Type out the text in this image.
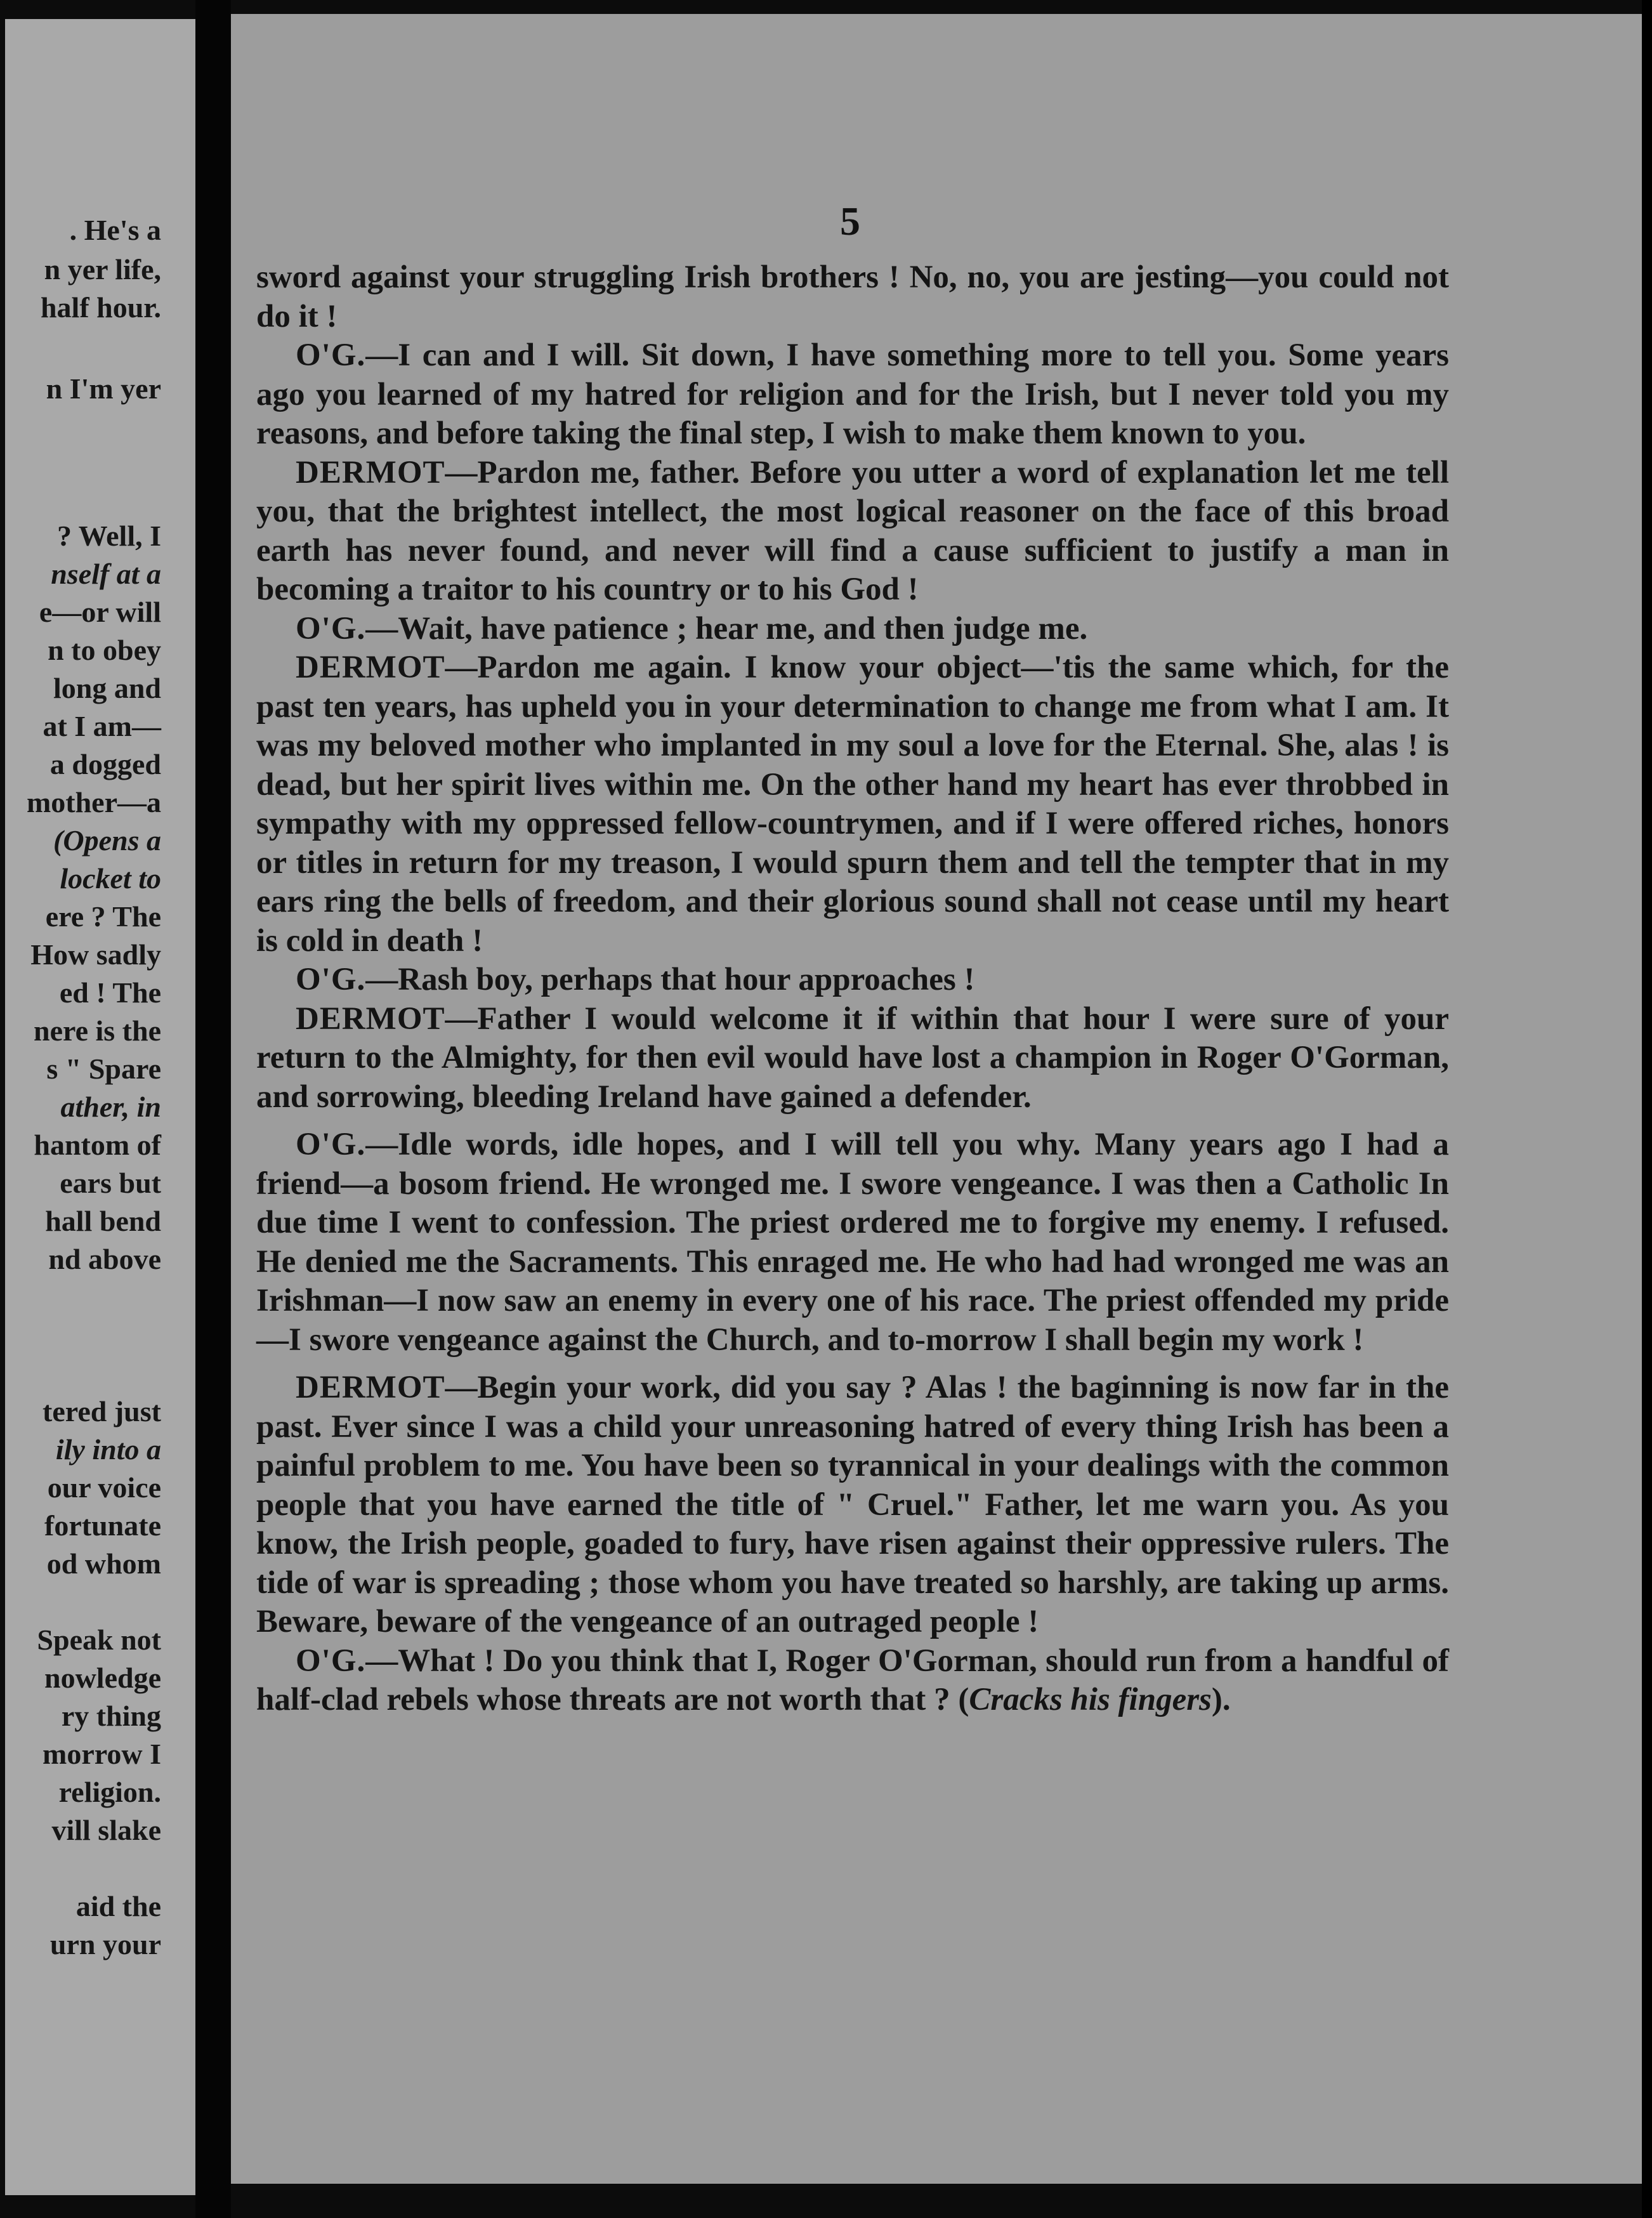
. He's a
n yer life,
half hour.
n I'm yer
? Well, I
nself at a
e—or will
n to obey
long and
at I am—
a dogged
mother—a
(Opens a
locket to
ere ? The
How sadly
ed ! The
nere is the
s " Spare
ather, in
hantom of
ears but
hall bend
nd above
tered just
ily into a
our voice
fortunate
od whom
Speak not
nowledge
ry thing
morrow I
religion.
vill slake
aid the
urn your
5

sword against your struggling Irish brothers ! No, no, you are jesting—you could not do it !

O'G.—I can and I will. Sit down, I have something more to tell you. Some years ago you learned of my hatred for religion and for the Irish, but I never told you my reasons, and before taking the final step, I wish to make them known to you.

DERMOT—Pardon me, father. Before you utter a word of explanation let me tell you, that the brightest intellect, the most logical reasoner on the face of this broad earth has never found, and never will find a cause sufficient to justify a man in becoming a traitor to his country or to his God !

O'G.—Wait, have patience ; hear me, and then judge me.

DERMOT—Pardon me again. I know your object—'tis the same which, for the past ten years, has upheld you in your determination to change me from what I am. It was my beloved mother who implanted in my soul a love for the Eternal. She, alas ! is dead, but her spirit lives within me. On the other hand my heart has ever throbbed in sympathy with my oppressed fellow-countrymen, and if I were offered riches, honors or titles in return for my treason, I would spurn them and tell the tempter that in my ears ring the bells of freedom, and their glorious sound shall not cease until my heart is cold in death !

O'G.—Rash boy, perhaps that hour approaches !

DERMOT—Father I would welcome it if within that hour I were sure of your return to the Almighty, for then evil would have lost a champion in Roger O'Gorman, and sorrowing, bleeding Ireland have gained a defender.

O'G.—Idle words, idle hopes, and I will tell you why. Many years ago I had a friend—a bosom friend. He wronged me. I swore vengeance. I was then a Catholic In due time I went to confession. The priest ordered me to forgive my enemy. I refused. He denied me the Sacraments. This enraged me. He who had had wronged me was an Irishman—I now saw an enemy in every one of his race. The priest offended my pride—I swore vengeance against the Church, and to-morrow I shall begin my work !

DERMOT—Begin your work, did you say ? Alas ! the baginning is now far in the past. Ever since I was a child your unreasoning hatred of every thing Irish has been a painful problem to me. You have been so tyrannical in your dealings with the common people that you have earned the title of " Cruel." Father, let me warn you. As you know, the Irish people, goaded to fury, have risen against their oppressive rulers. The tide of war is spreading ; those whom you have treated so harshly, are taking up arms. Beware, beware of the vengeance of an outraged people !

O'G.—What ! Do you think that I, Roger O'Gorman, should run from a handful of half-clad rebels whose threats are not worth that ? (Cracks his fingers).
